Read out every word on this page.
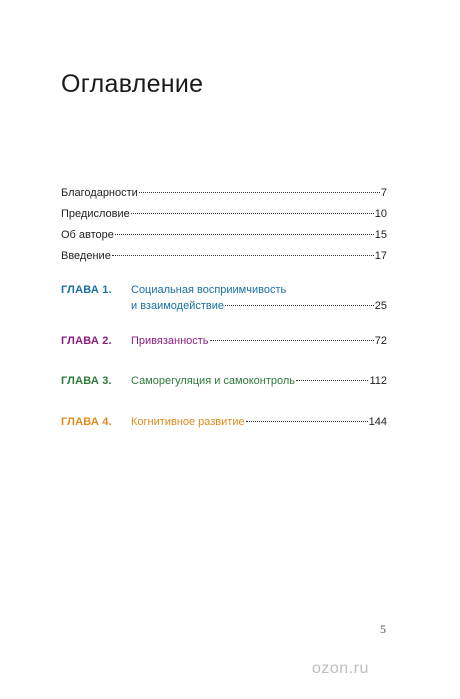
Оглавление
Благодарности	7
Предисловие	10
Об авторе	15
Введение	17
ГЛАВА 1.	Социальная восприимчивость
и взаимодействие	25
ГЛАВА 2.	Привязанность	72
ГЛАВА 3.	Саморегуляция и самоконтроль	112
ГЛАВА 4.	Когнитивное развитие	144
5
ozon.ru
